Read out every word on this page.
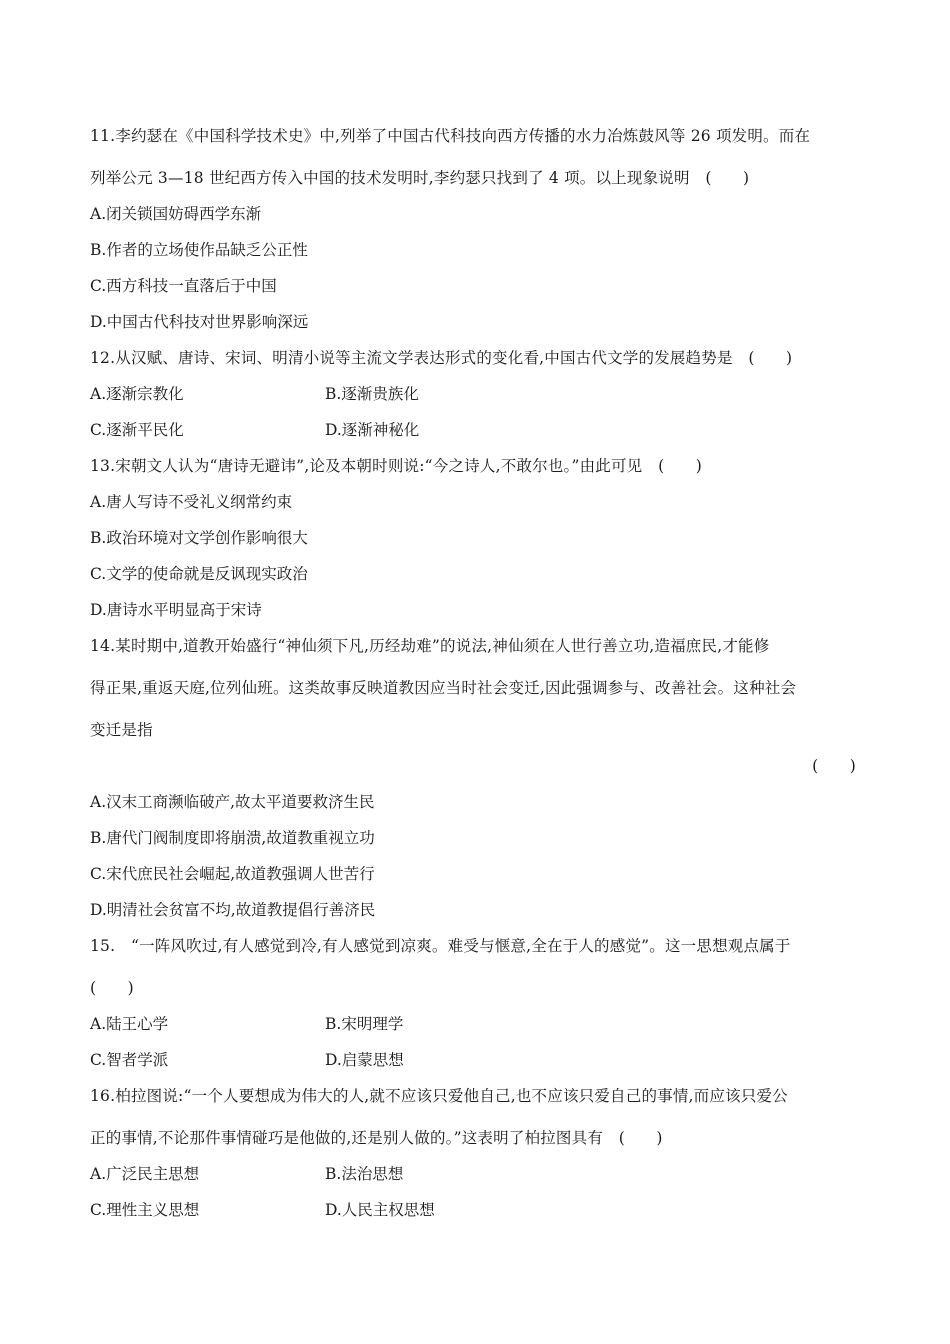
11.李约瑟在《中国科学技术史》中,列举了中国古代科技向西方传播的水力冶炼鼓风等 26 项发明。而在
列举公元 3—18 世纪西方传入中国的技术发明时,李约瑟只找到了 4 项。以上现象说明　(　　)
A.闭关锁国妨碍西学东渐
B.作者的立场使作品缺乏公正性
C.西方科技一直落后于中国
D.中国古代科技对世界影响深远
12.从汉赋、唐诗、宋词、明清小说等主流文学表达形式的变化看,中国古代文学的发展趋势是　(　　)
A.逐渐宗教化	B.逐渐贵族化
C.逐渐平民化	D.逐渐神秘化
13.宋朝文人认为“唐诗无避讳”,论及本朝时则说:“今之诗人,不敢尔也。”由此可见　(　　)
A.唐人写诗不受礼义纲常约束
B.政治环境对文学创作影响很大
C.文学的使命就是反讽现实政治
D.唐诗水平明显高于宋诗
14.某时期中,道教开始盛行“神仙须下凡,历经劫难”的说法,神仙须在人世行善立功,造福庶民,才能修
得正果,重返天庭,位列仙班。这类故事反映道教因应当时社会变迁,因此强调参与、改善社会。这种社会
变迁是指
(　　)
A.汉末工商濒临破产,故太平道要救济生民
B.唐代门阀制度即将崩溃,故道教重视立功
C.宋代庶民社会崛起,故道教强调人世苦行
D.明清社会贫富不均,故道教提倡行善济民
15.　“一阵风吹过,有人感觉到冷,有人感觉到凉爽。难受与惬意,全在于人的感觉”。这一思想观点属于
(　　)
A.陆王心学	B.宋明理学
C.智者学派	D.启蒙思想
16.柏拉图说:“一个人要想成为伟大的人,就不应该只爱他自己,也不应该只爱自己的事情,而应该只爱公
正的事情,不论那件事情碰巧是他做的,还是别人做的。”这表明了柏拉图具有　(　　)
A.广泛民主思想	B.法治思想
C.理性主义思想	D.人民主权思想
